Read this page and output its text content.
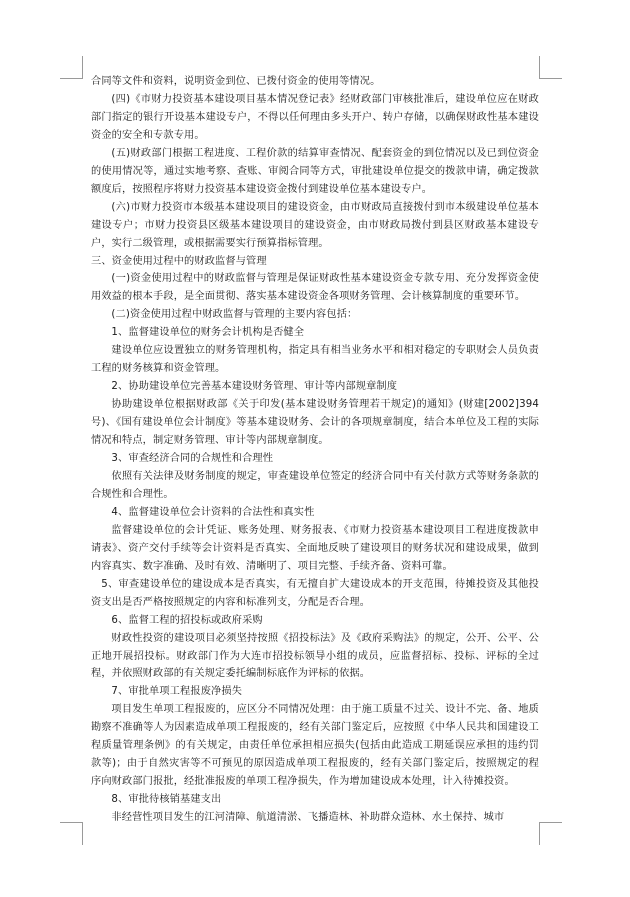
合同等文件和资料，说明资金到位、已拨付资金的使用等情况。

(四)《市财力投资基本建设项目基本情况登记表》经财政部门审核批准后，建设单位应在财政部门指定的银行开设基本建设专户，不得以任何理由多头开户、转户存储，以确保财政性基本建设资金的安全和专款专用。

(五)财政部门根据工程进度、工程价款的结算审查情况、配套资金的到位情况以及已到位资金的使用情况等，通过实地考察、查账、审阅合同等方式，审批建设单位提交的拨款申请，确定拨款额度后，按照程序将财力投资基本建设资金拨付到建设单位基本建设专户。

(六)市财力投资市本级基本建设项目的建设资金，由市财政局直接拨付到市本级建设单位基本建设专户；市财力投资县区级基本建设项目的建设资金，由市财政局拨付到县区财政基本建设专户，实行二级管理，或根据需要实行预算指标管理。

三、资金使用过程中的财政监督与管理

(一)资金使用过程中的财政监督与管理是保证财政性基本建设资金专款专用、充分发挥资金使用效益的根本手段，是全面贯彻、落实基本建设资金各项财务管理、会计核算制度的重要环节。

(二)资金使用过程中财政监督与管理的主要内容包括：

1、监督建设单位的财务会计机构是否健全

建设单位应设置独立的财务管理机构，指定具有相当业务水平和相对稳定的专职财会人员负责工程的财务核算和资金管理。

2、协助建设单位完善基本建设财务管理、审计等内部规章制度

协助建设单位根据财政部《关于印发(基本建设财务管理若干规定)的通知》(财建[2002]394号)、《国有建设单位会计制度》等基本建设财务、会计的各项规章制度，结合本单位及工程的实际情况和特点，制定财务管理、审计等内部规章制度。

3、审查经济合同的合规性和合理性

依照有关法律及财务制度的规定，审查建设单位签定的经济合同中有关付款方式等财务条款的合规性和合理性。

4、监督建设单位会计资料的合法性和真实性

监督建设单位的会计凭证、账务处理、财务报表、《市财力投资基本建设项目工程进度拨款申请表》、资产交付手续等会计资料是否真实、全面地反映了建设项目的财务状况和建设成果，做到内容真实、数字准确、及时有效、清晰明了、项目完整、手续齐备、资料可靠。

5、审查建设单位的建设成本是否真实，有无擅自扩大建设成本的开支范围，待摊投资及其他投资支出是否严格按照规定的内容和标准列支，分配是否合理。

6、监督工程的招投标或政府采购

财政性投资的建设项目必须坚持按照《招投标法》及《政府采购法》的规定，公开、公平、公正地开展招投标。财政部门作为大连市招投标领导小组的成员，应监督招标、投标、评标的全过程，并依照财政部的有关规定委托编制标底作为评标的依据。

7、审批单项工程报废净损失

项目发生单项工程报废的，应区分不同情况处理：由于施工质量不过关、设计不完、备、地质勘察不准确等人为因素造成单项工程报废的，经有关部门鉴定后，应按照《中华人民共和国建设工程质量管理条例》的有关规定，由责任单位承担相应损失(包括由此造成工期延误应承担的违约罚款等)；由于自然灾害等不可预见的原因造成单项工程报废的，经有关部门鉴定后，按照规定的程序向财政部门报批，经批准报废的单项工程净损失，作为增加建设成本处理，计入待摊投资。

8、审批待核销基建支出

非经营性项目发生的江河清障、航道清淤、飞播造林、补助群众造林、水土保持、城市
